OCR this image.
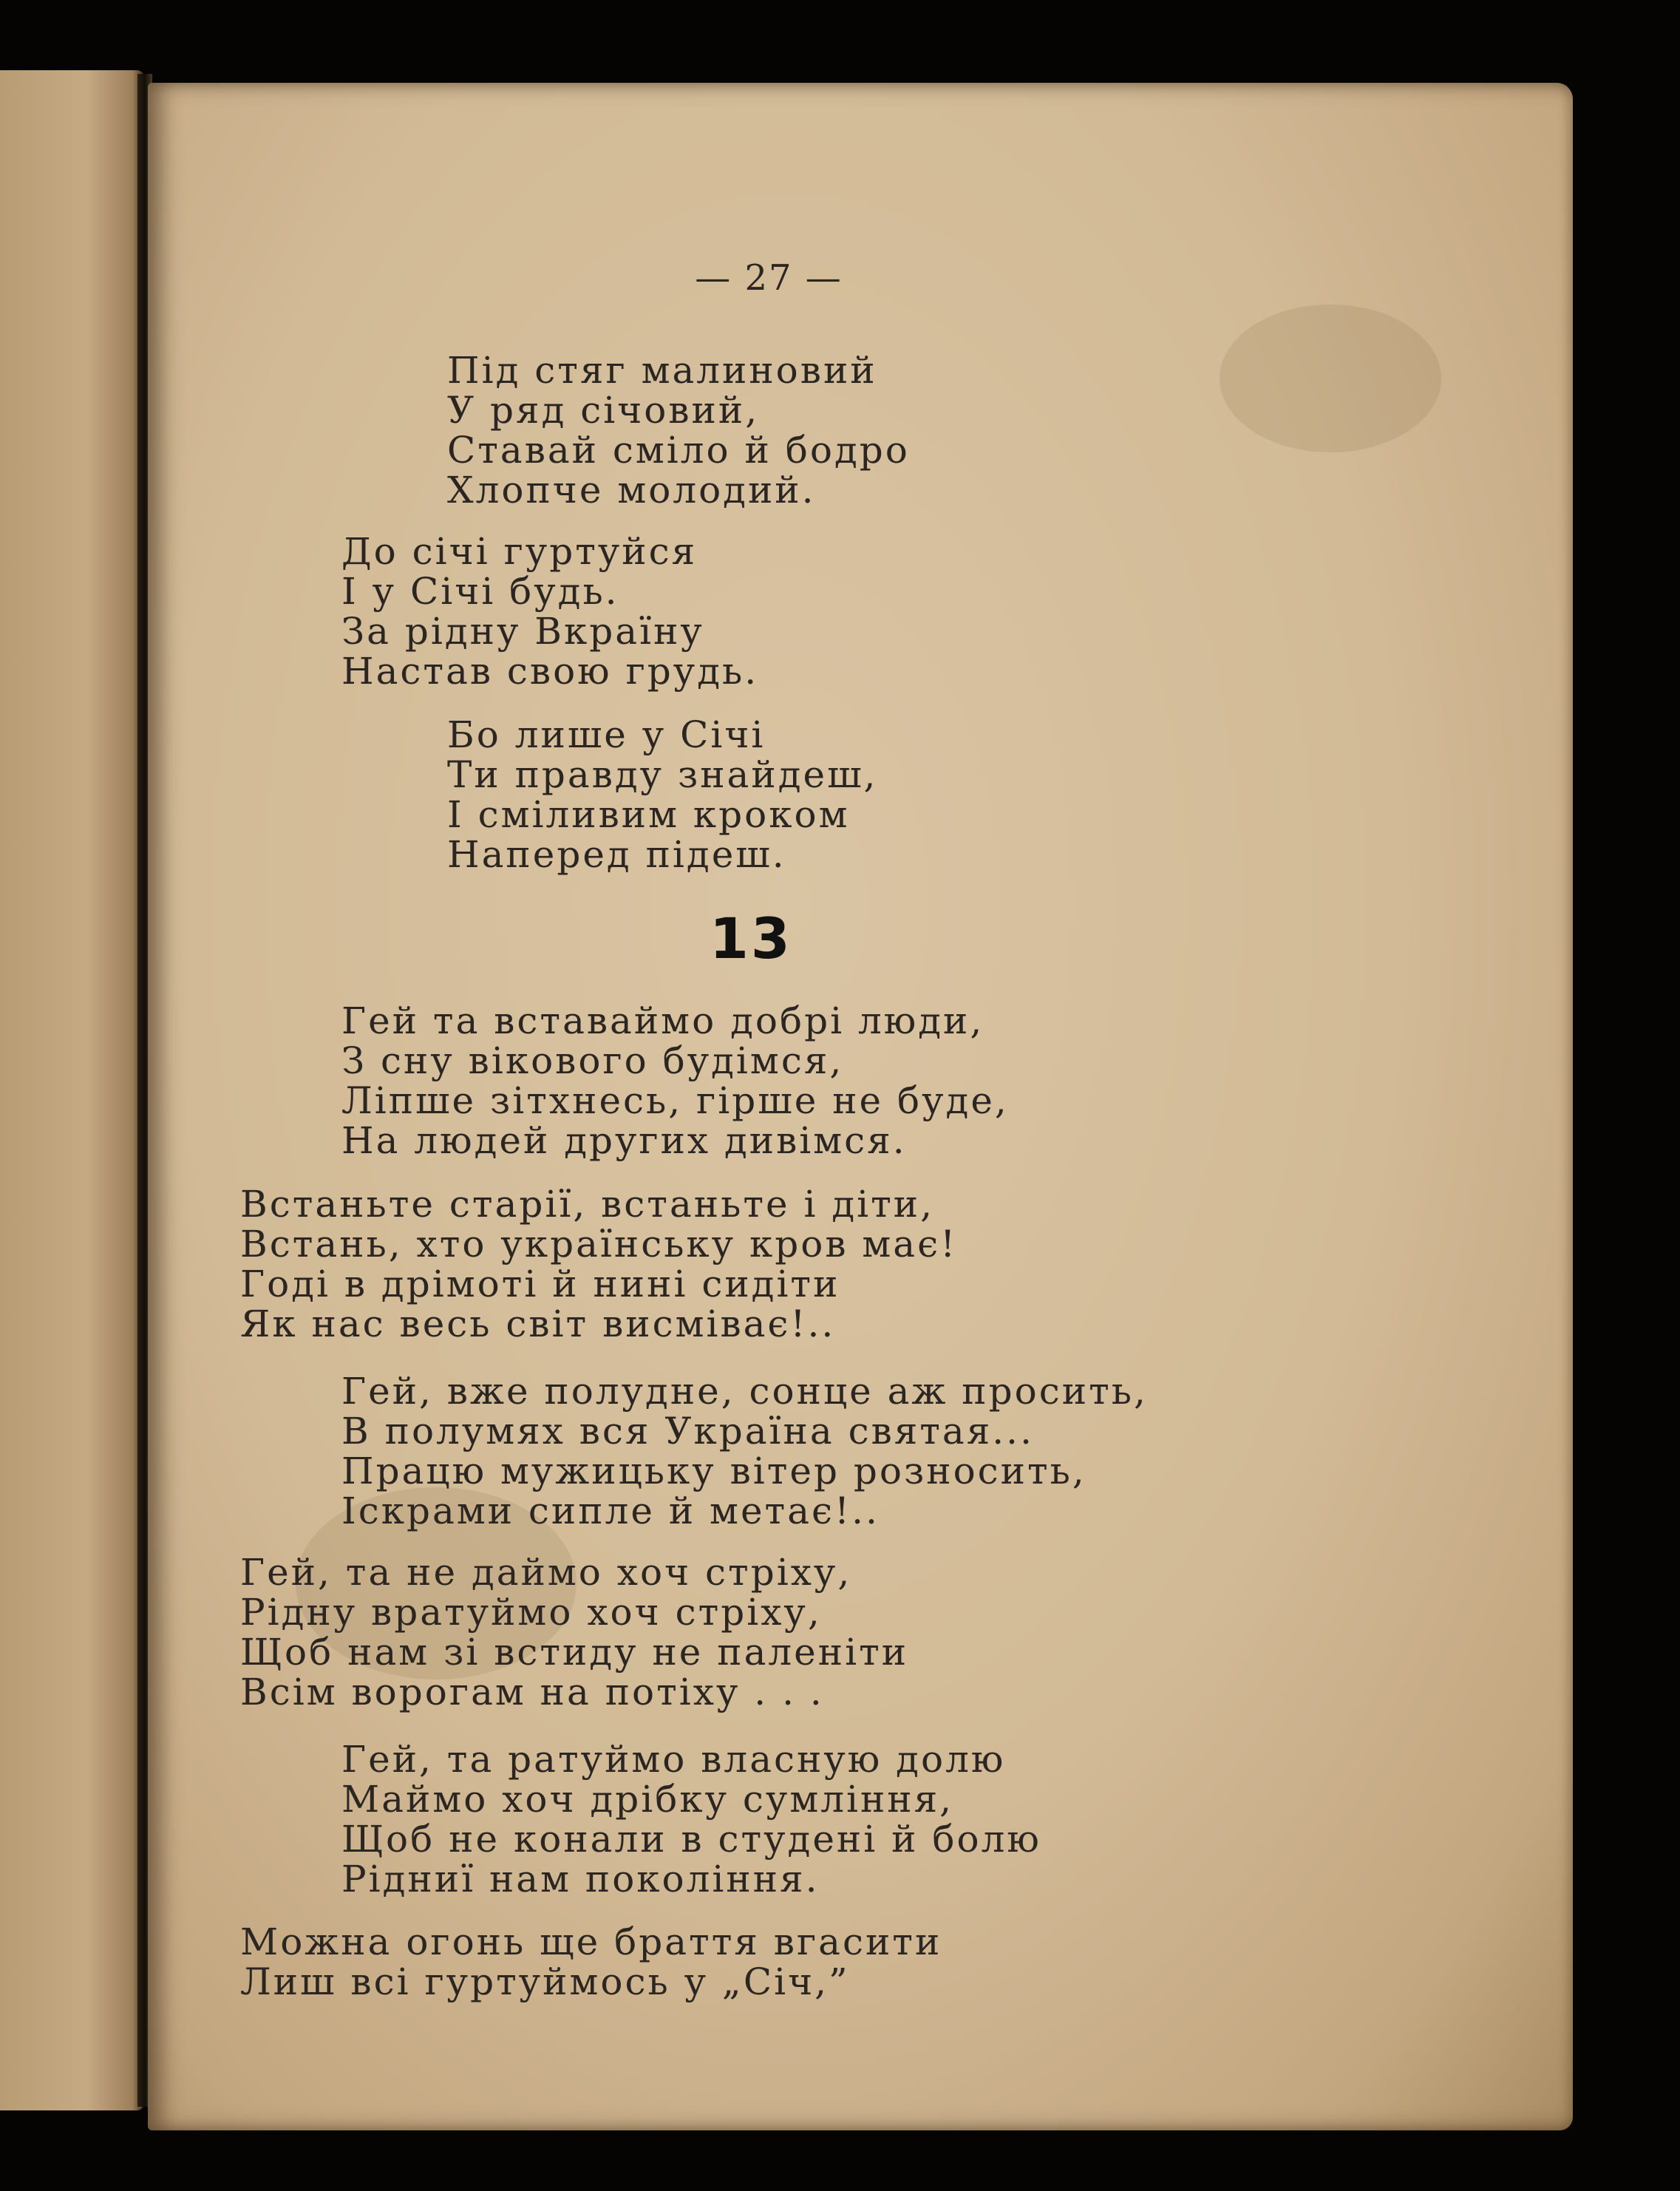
— 27 —
Під стяг малиновий
У ряд січовий,
Ставай сміло й бодро
Хлопче молодий.
До січі гуртуйся
І у Січі будь.
За рідну Вкраїну
Настав свою грудь.
Бо лише у Січі
Ти правду знайдеш,
І сміливим кроком
Наперед підеш.
13
Гей та вставаймо добрі люди,
З сну вікового будімся,
Ліпше зітхнесь, гірше не буде,
На людей других дивімся.
Встаньте старії, встаньте і діти,
Встань, хто українську кров має!
Годі в дрімоті й нині сидіти
Як нас весь світ висміває!..
Гей, вже полудне, сонце аж просить,
В полумях вся Україна святая...
Працю мужицьку вітер розносить,
Іскрами сипле й метає!..
Гей, та не даймо хоч стріху,
Рідну вратуймо хоч стріху,
Щоб нам зі встиду не паленіти
Всім ворогам на потіху . . .
Гей, та ратуймо власную долю
Маймо хоч дрібку сумління,
Щоб не конали в студені й болю
Рідниї нам покоління.
Можна огонь ще браття вгасити
Лиш всі гуртуймось у „Січ,”
